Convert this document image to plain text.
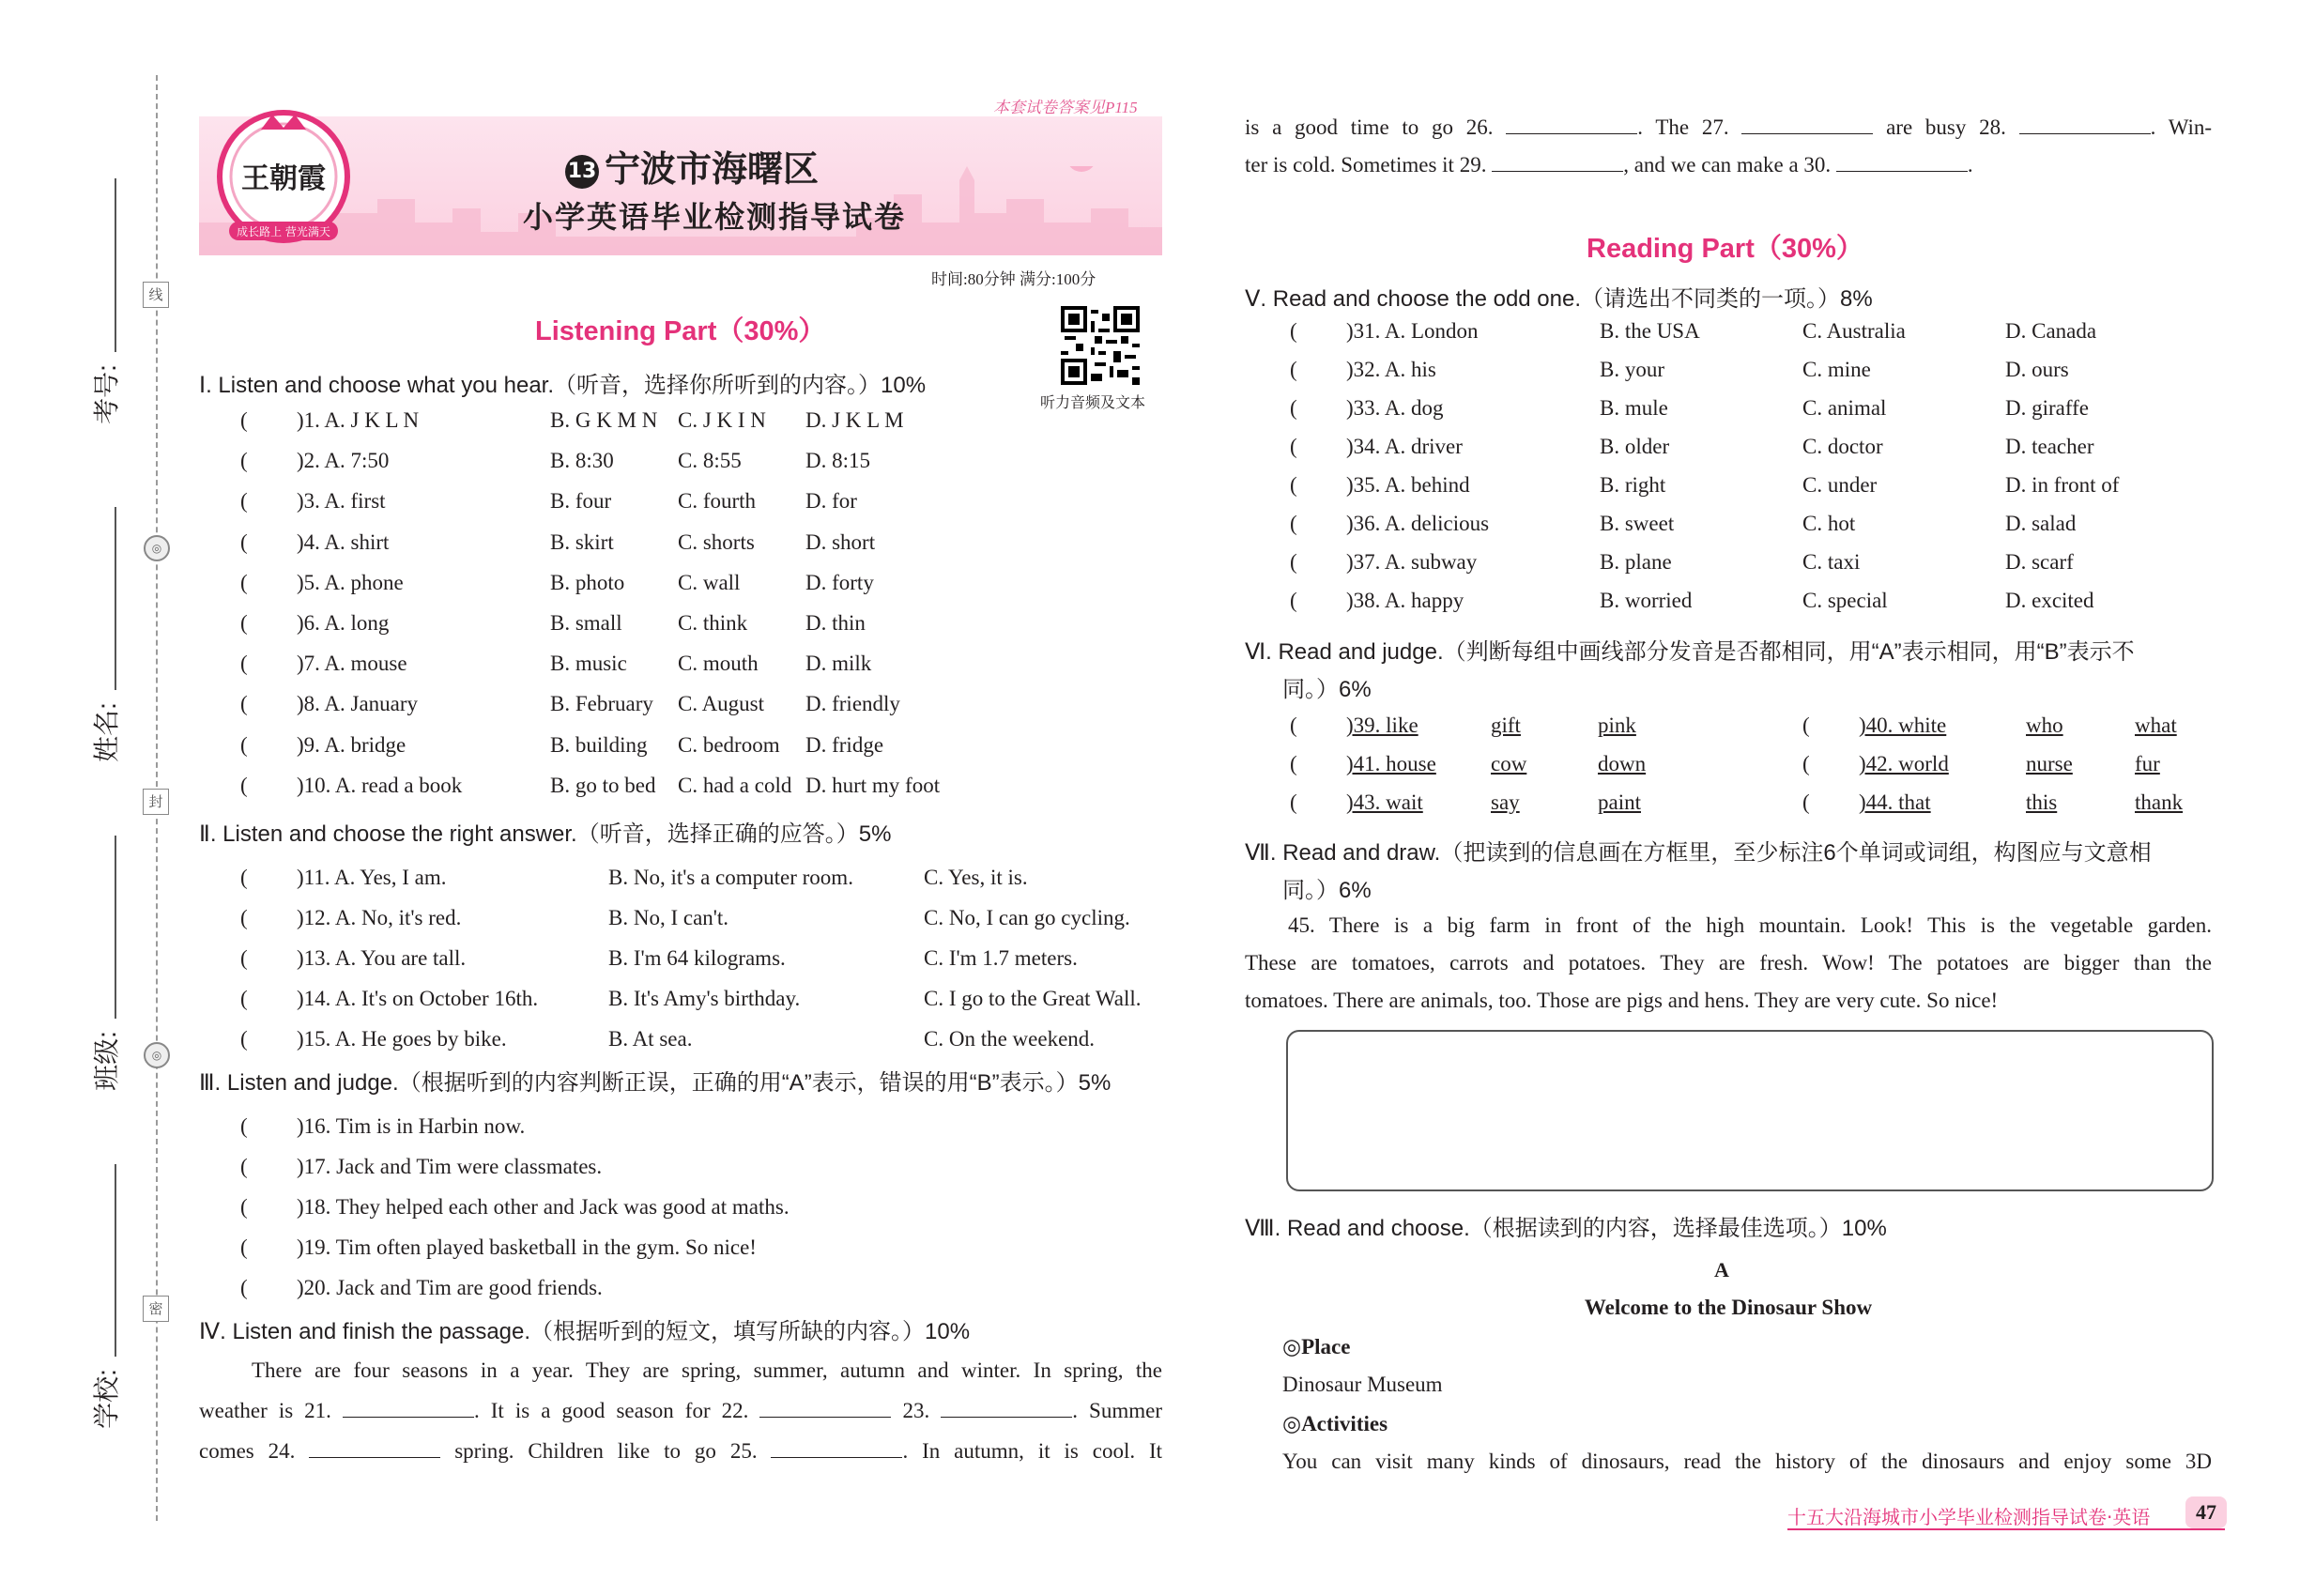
考号:
姓名:
班级:
学校:
线
◎
封
◎
密
本套试卷答案见P115
13 宁波市海曙区
小学英语毕业检测指导试卷
王朝霞
成长路上 营光满天
时间:80分钟 满分:100分
听力音频及文本
Listening Part（30%）
Ⅰ. Listen and choose what you hear.（听音，选择你所听到的内容。）10%
( )1. A. J K L N	B. G K M N C. J K I N D. J K L M
( )2. A. 7:50	B. 8:30	C. 8:55	D. 8:15
( )3. A. first	B. four	C. fourth D. for
( )4. A. shirt	B. skirt	C. shorts D. short
( )5. A. phone	B. photo C. wall	D. forty
( )6. A. long	B. small	C. think	D. thin
( )7. A. mouse	B. music C. mouth D. milk
( )8. A. January	B. February C. August D. friendly
( )9. A. bridge	B. building C. bedroom D. fridge
( )10. A. read a book	B. go to bed C. had a cold D. hurt my foot
Ⅱ. Listen and choose the right answer.（听音，选择正确的应答。）5%
( )11. A. Yes, I am.	B. No, it's a computer room.	C. Yes, it is.
( )12. A. No, it's red.	B. No, I can't.	C. No, I can go cycling.
( )13. A. You are tall.	B. I'm 64 kilograms.	C. I'm 1.7 meters.
( )14. A. It's on October 16th.	B. It's Amy's birthday.	C. I go to the Great Wall.
( )15. A. He goes by bike.	B. At sea.	C. On the weekend.
Ⅲ. Listen and judge.（根据听到的内容判断正误，正确的用“A”表示，错误的用“B”表示。）5%
( )16. Tim is in Harbin now.
( )17. Jack and Tim were classmates.
( )18. They helped each other and Jack was good at maths.
( )19. Tim often played basketball in the gym. So nice!
( )20. Jack and Tim are good friends.
Ⅳ. Listen and finish the passage.（根据听到的短文，填写所缺的内容。）10%
There are four seasons in a year. They are spring, summer, autumn and winter. In spring, the
weather is 21.	. It is a good season for 22.	23.	. Summer
comes 24.	spring. Children like to go 25.	. In autumn, it is cool. It
is a good time to go 26.	. The 27.	are busy 28.	. Win-
ter is cold. Sometimes it 29.	, and we can make a 30.	.
Reading Part（30%）
Ⅴ. Read and choose the odd one.（请选出不同类的一项。）8%
( )31. A. London	B. the USA	C. Australia	D. Canada
( )32. A. his	B. your	C. mine	D. ours
( )33. A. dog	B. mule	C. animal	D. giraffe
( )34. A. driver	B. older	C. doctor	D. teacher
( )35. A. behind	B. right	C. under	D. in front of
( )36. A. delicious	B. sweet	C. hot	D. salad
( )37. A. subway	B. plane	C. taxi	D. scarf
( )38. A. happy	B. worried	C. special	D. excited
Ⅵ. Read and judge.（判断每组中画线部分发音是否都相同，用“A”表示相同，用“B”表示不
同。）6%
( )39. like	gift	pink	( )40. white	who	what
( )41. house	cow	down	( )42. world	nurse	fur
( )43. wait	say	paint	( )44. that	this	thank
Ⅶ. Read and draw.（把读到的信息画在方框里，至少标注6个单词或词组，构图应与文意相
同。）6%
45. There is a big farm in front of the high mountain. Look! This is the vegetable garden.
These are tomatoes, carrots and potatoes. They are fresh. Wow! The potatoes are bigger than the
tomatoes. There are animals, too. Those are pigs and hens. They are very cute. So nice!
Ⅷ. Read and choose.（根据读到的内容，选择最佳选项。）10%
A
Welcome to the Dinosaur Show
◎Place
Dinosaur Museum
◎Activities
You can visit many kinds of dinosaurs, read the history of the dinosaurs and enjoy some 3D
十五大沿海城市小学毕业检测指导试卷·英语	47
